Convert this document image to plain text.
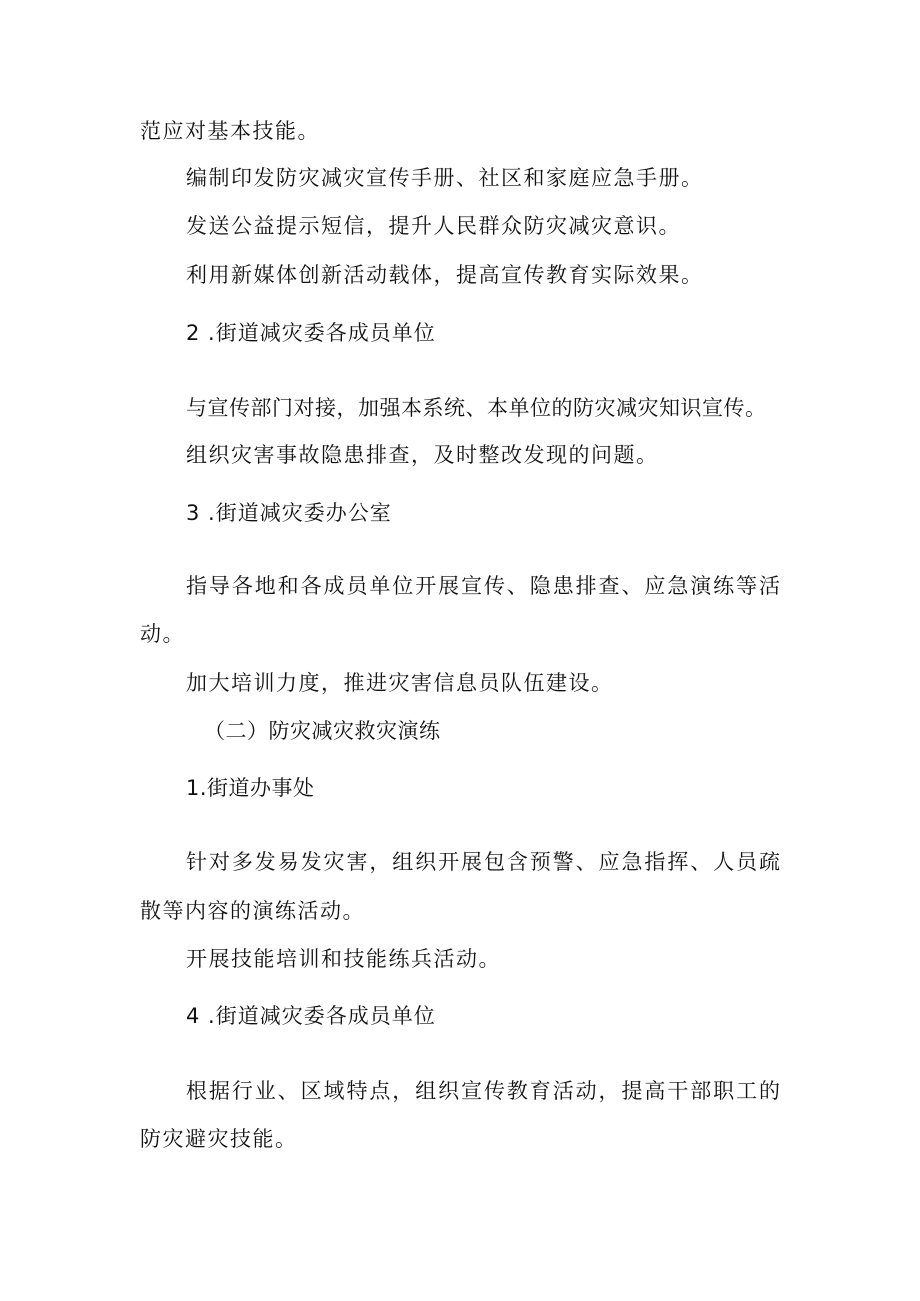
范应对基本技能。

编制印发防灾减灾宣传手册、社区和家庭应急手册。

发送公益提示短信，提升人民群众防灾减灾意识。

利用新媒体创新活动载体，提高宣传教育实际效果。

2 .街道减灾委各成员单位

与宣传部门对接，加强本系统、本单位的防灾减灾知识宣传。

组织灾害事故隐患排查，及时整改发现的问题。

3 .街道减灾委办公室

指导各地和各成员单位开展宣传、隐患排查、应急演练等活

动。

加大培训力度，推进灾害信息员队伍建设。

（二）防灾减灾救灾演练

1.街道办事处

针对多发易发灾害，组织开展包含预警、应急指挥、人员疏

散等内容的演练活动。

开展技能培训和技能练兵活动。

4 .街道减灾委各成员单位

根据行业、区域特点，组织宣传教育活动，提高干部职工的

防灾避灾技能。
